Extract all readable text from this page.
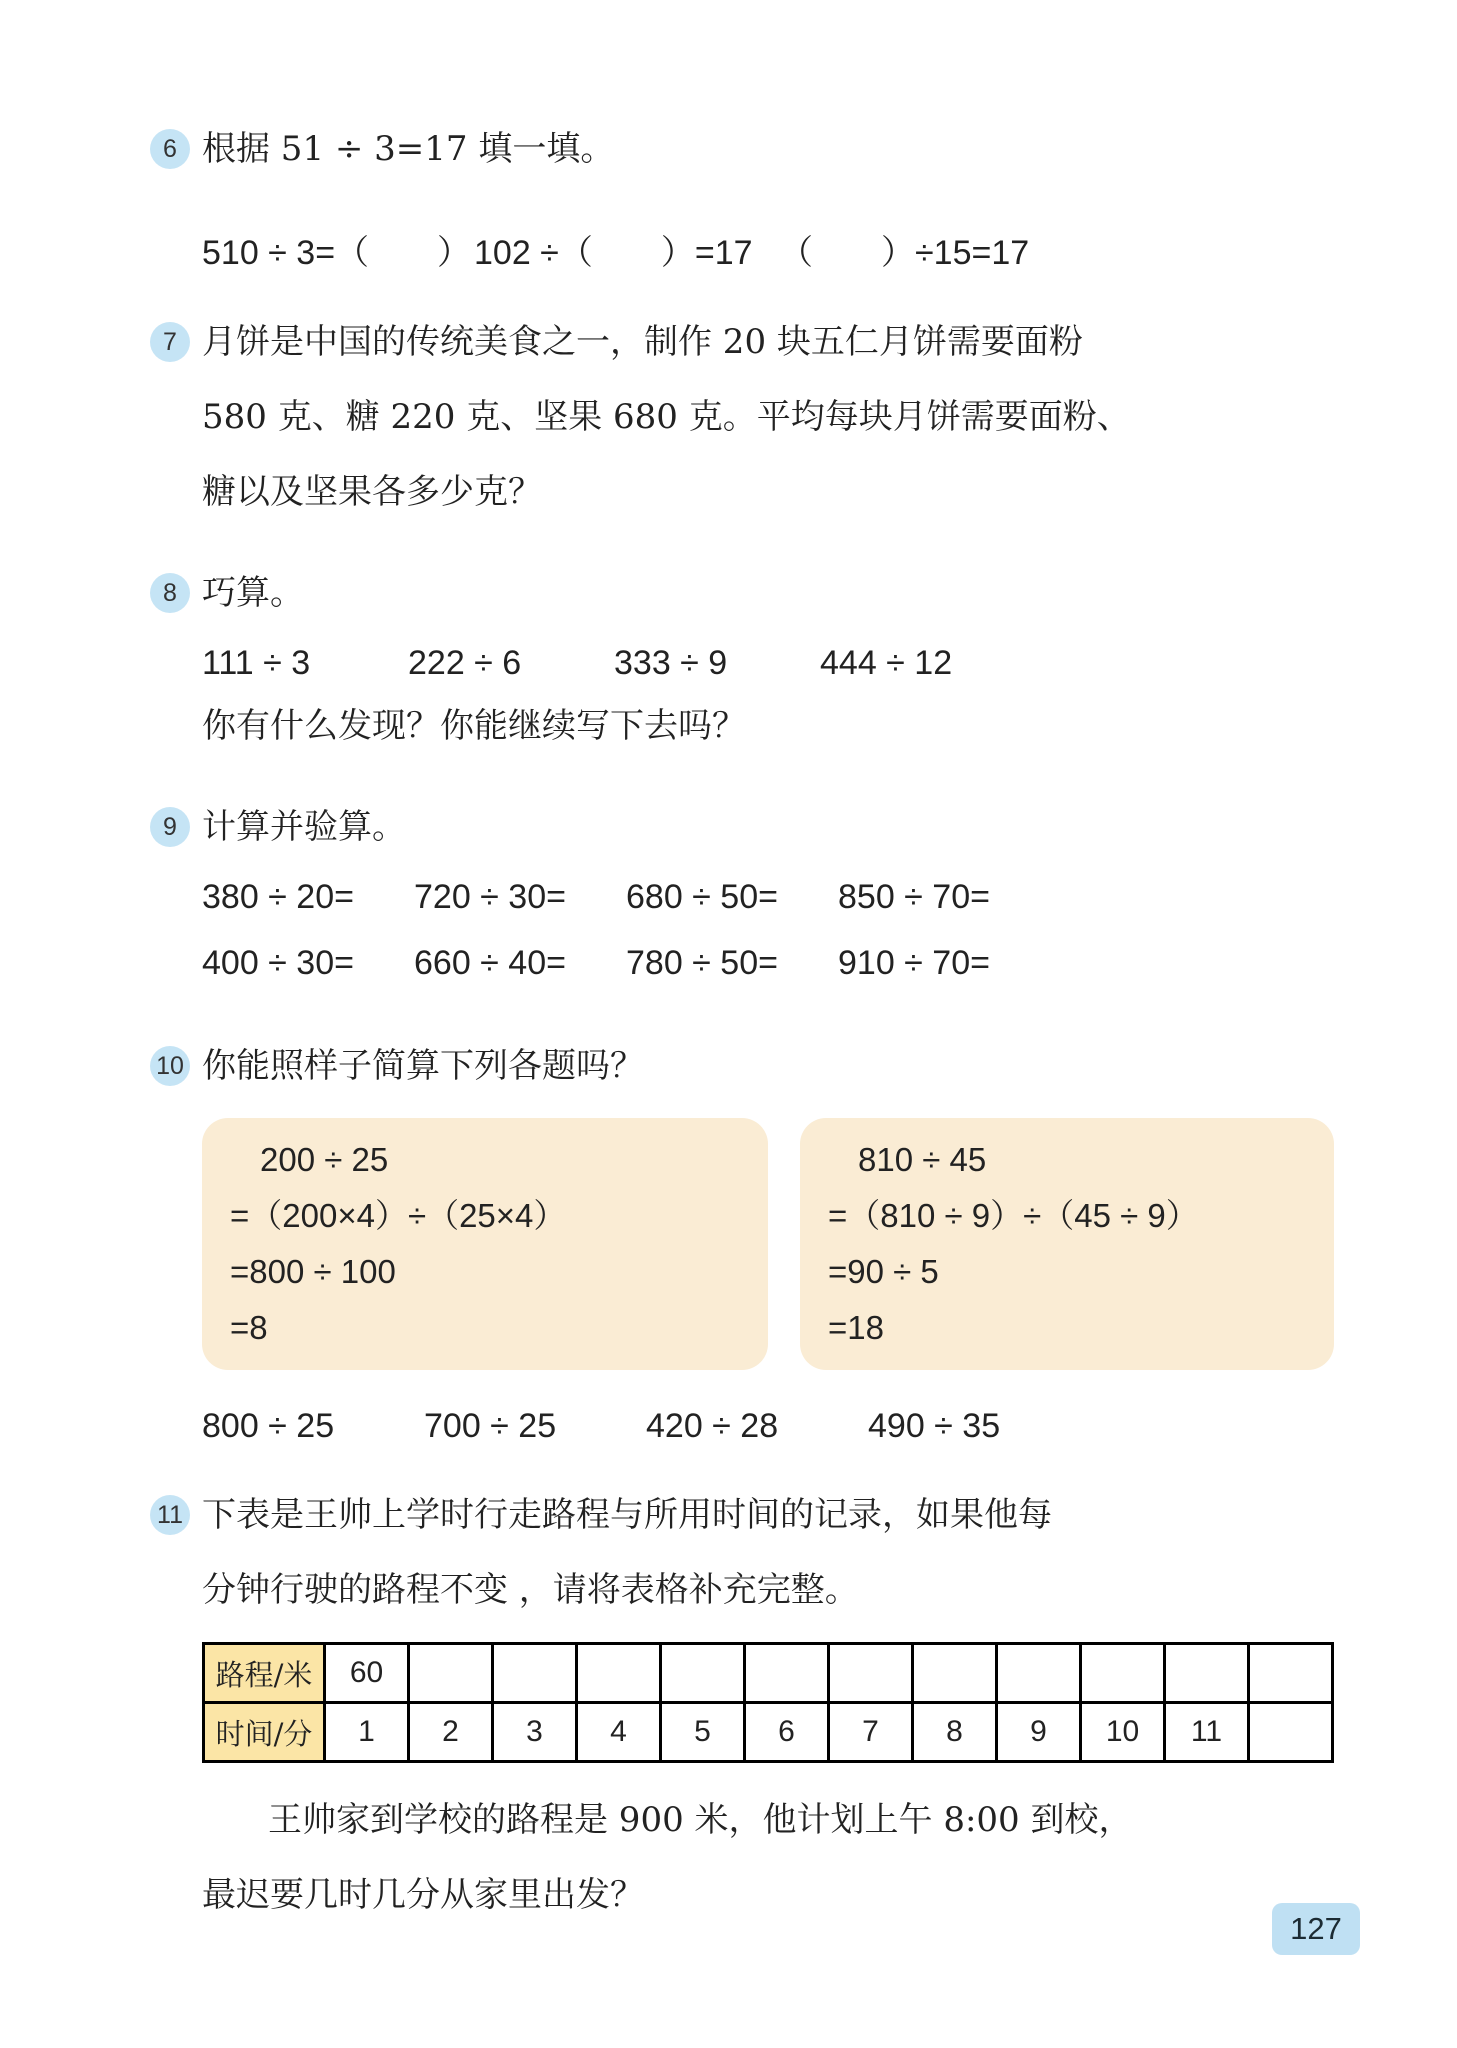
6 根据 51 ÷ 3=17 填一填。
510 ÷ 3=（　　） 102 ÷（　　）=17 （　　）÷15=17
7 月饼是中国的传统美食之一，制作 20 块五仁月饼需要面粉
580 克、糖 220 克、坚果 680 克。平均每块月饼需要面粉、
糖以及坚果各多少克？
8 巧算。
111 ÷ 3	222 ÷ 6	333 ÷ 9	444 ÷ 12
你有什么发现？你能继续写下去吗？
9 计算并验算。
380 ÷ 20=	720 ÷ 30=	680 ÷ 50=	850 ÷ 70=
400 ÷ 30=	660 ÷ 40=	780 ÷ 50=	910 ÷ 70=
10 你能照样子简算下列各题吗？
200 ÷ 25
=（200×4）÷（25×4）
=800 ÷ 100
=8
810 ÷ 45
=（810 ÷ 9）÷（45 ÷ 9）
=90 ÷ 5
=18
800 ÷ 25	700 ÷ 25	420 ÷ 28	490 ÷ 35
11 下表是王帅上学时行走路程与所用时间的记录，如果他每
分钟行驶的路程不变 ，请将表格补充完整。
路程/米	60											
时间/分	1	2	3	4	5	6	7	8	9	10	11	
王帅家到学校的路程是 900 米，他计划上午 8:00 到校，
最迟要几时几分从家里出发？
127
